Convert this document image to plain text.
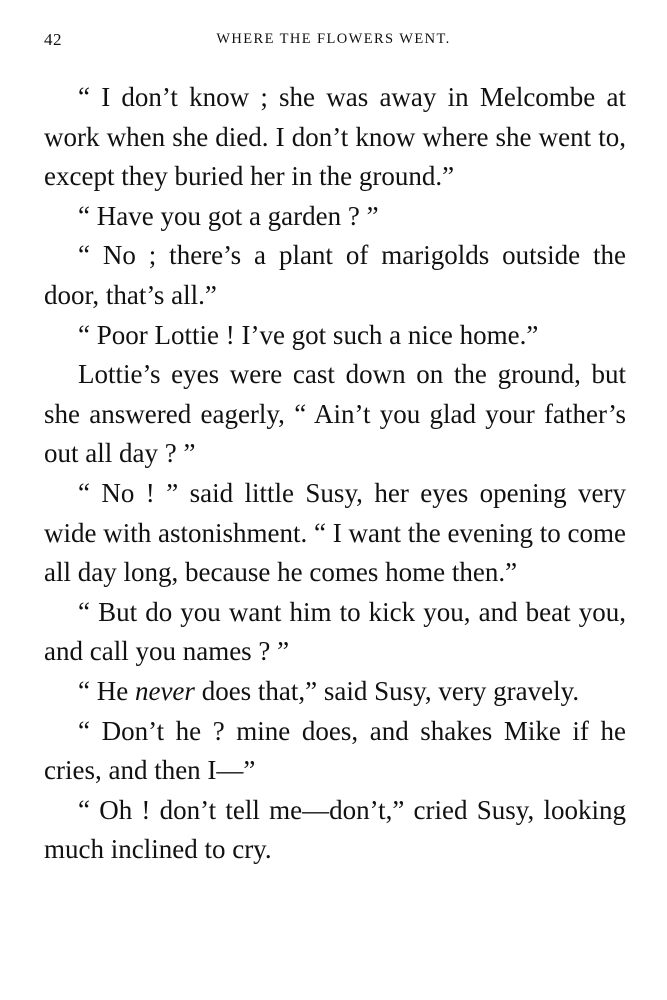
42	WHERE THE FLOWERS WENT.

“ I don’t know ; she was away in Melcombe at work when she died. I don’t know where she went to, except they buried her in the ground.”

“ Have you got a garden ? ”

“ No ; there’s a plant of marigolds outside the door, that’s all.”

“ Poor Lottie ! I’ve got such a nice home.”

Lottie’s eyes were cast down on the ground, but she answered eagerly, “ Ain’t you glad your father’s out all day ? ”

“ No ! ” said little Susy, her eyes opening very wide with astonishment. “ I want the evening to come all day long, because he comes home then.”

“ But do you want him to kick you, and beat you, and call you names ? ”

“ He never does that,” said Susy, very gravely.

“ Don’t he ? mine does, and shakes Mike if he cries, and then I—”

“ Oh ! don’t tell me—don’t,” cried Susy, looking much inclined to cry.
